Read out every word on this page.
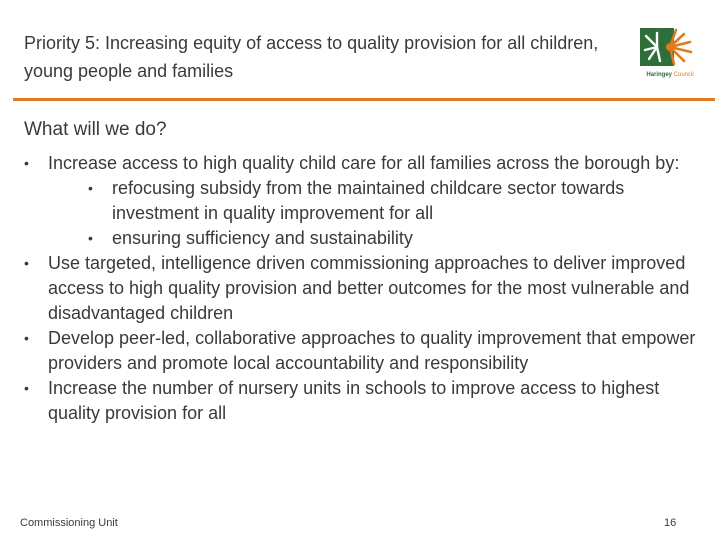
Priority 5: Increasing equity of access to quality provision for all children, young people and families	Haringey Council
What will we do?
•	Increase access to high quality child care for all families across the borough by:
•	refocusing subsidy from the maintained childcare sector towards investment in quality improvement for all
•	ensuring sufficiency and sustainability
•	Use targeted, intelligence driven commissioning approaches to deliver improved access to high quality provision and better outcomes for the most vulnerable and disadvantaged children
•	Develop peer-led, collaborative approaches to quality improvement that empower providers and promote local accountability and responsibility
•	Increase the number of nursery units in schools to improve access to highest quality provision for all
Commissioning Unit	16
